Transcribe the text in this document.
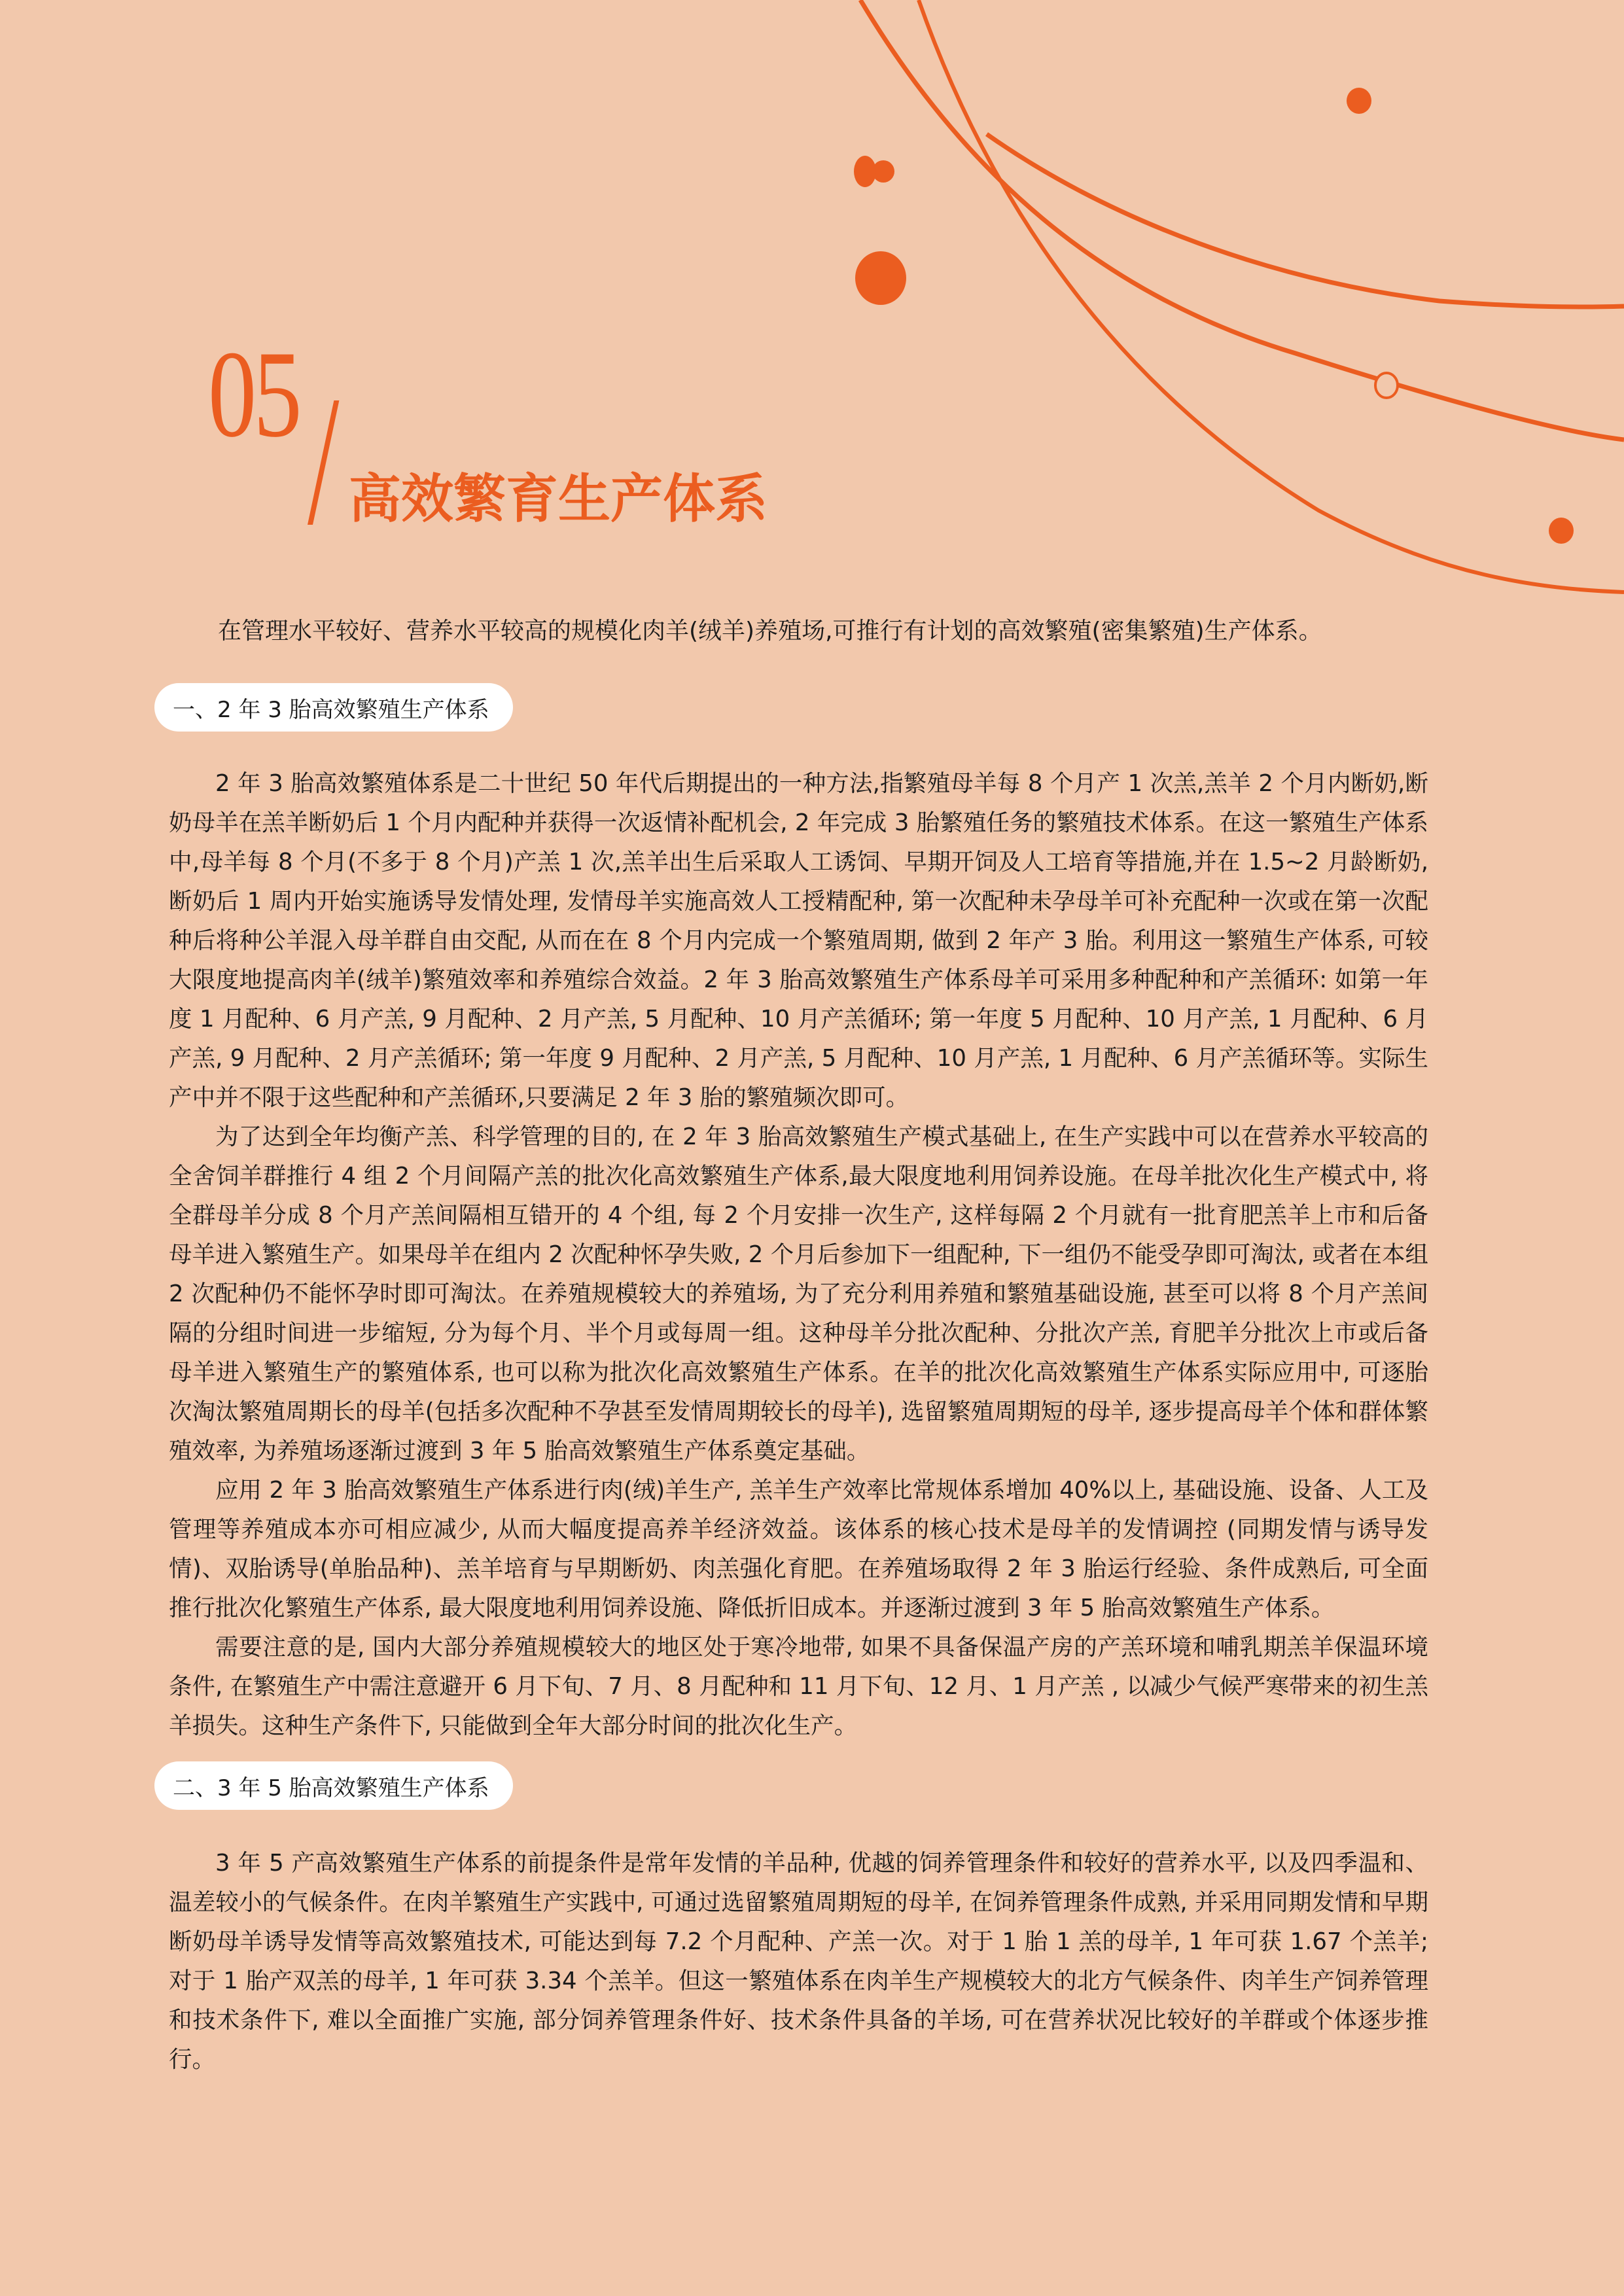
05
高效繁育生产体系
在管理水平较好、营养水平较高的规模化肉羊(绒羊)养殖场,可推行有计划的高效繁殖(密集繁殖)生产体系。
一、2 年 3 胎高效繁殖生产体系

2 年 3 胎高效繁殖体系是二十世纪 50 年代后期提出的一种方法,指繁殖母羊每 8 个月产 1 次羔,羔羊 2 个月内断奶,断奶母羊在羔羊断奶后 1 个月内配种并获得一次返情补配机会, 2 年完成 3 胎繁殖任务的繁殖技术体系。在这一繁殖生产体系中,母羊每 8 个月(不多于 8 个月)产羔 1 次,羔羊出生后采取人工诱饲、早期开饲及人工培育等措施,并在 1.5~2 月龄断奶, 断奶后 1 周内开始实施诱导发情处理, 发情母羊实施高效人工授精配种, 第一次配种未孕母羊可补充配种一次或在第一次配种后将种公羊混入母羊群自由交配, 从而在在 8 个月内完成一个繁殖周期, 做到 2 年产 3 胎。利用这一繁殖生产体系, 可较大限度地提高肉羊(绒羊)繁殖效率和养殖综合效益。2 年 3 胎高效繁殖生产体系母羊可采用多种配种和产羔循环: 如第一年度 1 月配种、6 月产羔, 9 月配种、2 月产羔, 5 月配种、10 月产羔循环; 第一年度 5 月配种、10 月产羔, 1 月配种、6 月产羔, 9 月配种、2 月产羔循环; 第一年度 9 月配种、2 月产羔, 5 月配种、10 月产羔, 1 月配种、6 月产羔循环等。实际生产中并不限于这些配种和产羔循环,只要满足 2 年 3 胎的繁殖频次即可。

为了达到全年均衡产羔、科学管理的目的, 在 2 年 3 胎高效繁殖生产模式基础上, 在生产实践中可以在营养水平较高的全舍饲羊群推行 4 组 2 个月间隔产羔的批次化高效繁殖生产体系,最大限度地利用饲养设施。在母羊批次化生产模式中, 将全群母羊分成 8 个月产羔间隔相互错开的 4 个组, 每 2 个月安排一次生产, 这样每隔 2 个月就有一批育肥羔羊上市和后备母羊进入繁殖生产。如果母羊在组内 2 次配种怀孕失败, 2 个月后参加下一组配种, 下一组仍不能受孕即可淘汰, 或者在本组 2 次配种仍不能怀孕时即可淘汰。在养殖规模较大的养殖场, 为了充分利用养殖和繁殖基础设施, 甚至可以将 8 个月产羔间隔的分组时间进一步缩短, 分为每个月、半个月或每周一组。这种母羊分批次配种、分批次产羔, 育肥羊分批次上市或后备母羊进入繁殖生产的繁殖体系, 也可以称为批次化高效繁殖生产体系。在羊的批次化高效繁殖生产体系实际应用中, 可逐胎次淘汰繁殖周期长的母羊(包括多次配种不孕甚至发情周期较长的母羊), 选留繁殖周期短的母羊, 逐步提高母羊个体和群体繁殖效率, 为养殖场逐渐过渡到 3 年 5 胎高效繁殖生产体系奠定基础。

应用 2 年 3 胎高效繁殖生产体系进行肉(绒)羊生产, 羔羊生产效率比常规体系增加 40%以上, 基础设施、设备、人工及管理等养殖成本亦可相应减少, 从而大幅度提高养羊经济效益。该体系的核心技术是母羊的发情调控 (同期发情与诱导发情)、双胎诱导(单胎品种)、羔羊培育与早期断奶、肉羔强化育肥。在养殖场取得 2 年 3 胎运行经验、条件成熟后, 可全面推行批次化繁殖生产体系, 最大限度地利用饲养设施、降低折旧成本。并逐渐过渡到 3 年 5 胎高效繁殖生产体系。

需要注意的是, 国内大部分养殖规模较大的地区处于寒冷地带, 如果不具备保温产房的产羔环境和哺乳期羔羊保温环境条件, 在繁殖生产中需注意避开 6 月下旬、7 月、8 月配种和 11 月下旬、12 月、1 月产羔 , 以减少气候严寒带来的初生羔羊损失。这种生产条件下, 只能做到全年大部分时间的批次化生产。

二、3 年 5 胎高效繁殖生产体系

3 年 5 产高效繁殖生产体系的前提条件是常年发情的羊品种, 优越的饲养管理条件和较好的营养水平, 以及四季温和、温差较小的气候条件。在肉羊繁殖生产实践中, 可通过选留繁殖周期短的母羊, 在饲养管理条件成熟, 并采用同期发情和早期断奶母羊诱导发情等高效繁殖技术, 可能达到每 7.2 个月配种、产羔一次。对于 1 胎 1 羔的母羊, 1 年可获 1.67 个羔羊; 对于 1 胎产双羔的母羊, 1 年可获 3.34 个羔羊。但这一繁殖体系在肉羊生产规模较大的北方气候条件、肉羊生产饲养管理和技术条件下, 难以全面推广实施, 部分饲养管理条件好、技术条件具备的羊场, 可在营养状况比较好的羊群或个体逐步推行。
